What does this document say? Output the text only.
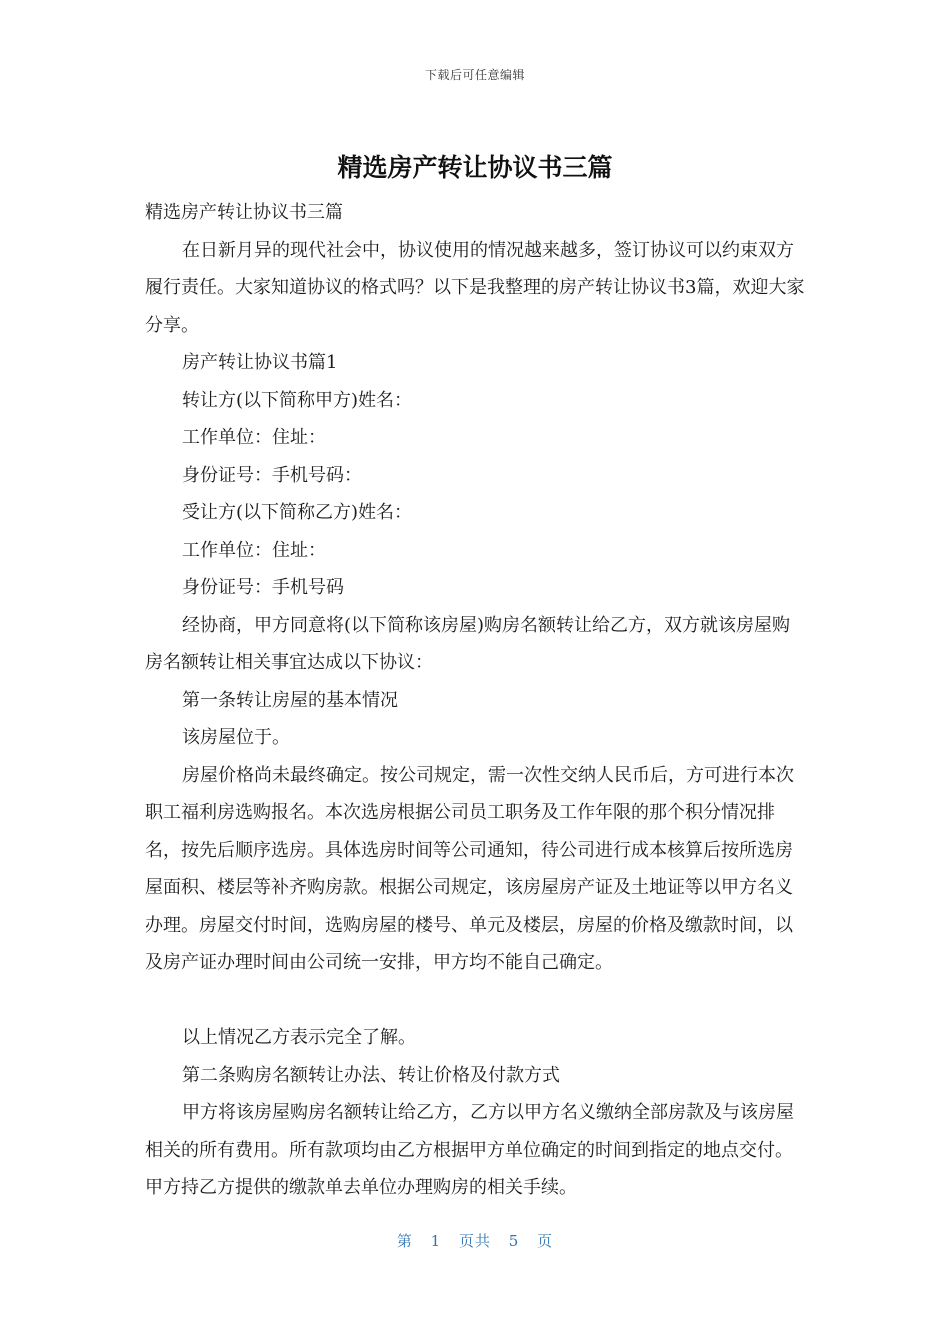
下载后可任意编辑
精选房产转让协议书三篇

精选房产转让协议书三篇

在日新月异的现代社会中，协议使用的情况越来越多，签订协议可以约束双方履行责任。大家知道协议的格式吗？以下是我整理的房产转让协议书3篇，欢迎大家分享。

房产转让协议书篇1

转让方(以下简称甲方)姓名：

工作单位：住址：

身份证号：手机号码：

受让方(以下简称乙方)姓名：

工作单位：住址：

身份证号：手机号码

经协商，甲方同意将(以下简称该房屋)购房名额转让给乙方，双方就该房屋购房名额转让相关事宜达成以下协议：

第一条转让房屋的基本情况

该房屋位于。

房屋价格尚未最终确定。按公司规定，需一次性交纳人民币后，方可进行本次职工福利房选购报名。本次选房根据公司员工职务及工作年限的那个积分情况排名，按先后顺序选房。具体选房时间等公司通知，待公司进行成本核算后按所选房屋面积、楼层等补齐购房款。根据公司规定，该房屋房产证及土地证等以甲方名义办理。房屋交付时间，选购房屋的楼号、单元及楼层，房屋的价格及缴款时间，以及房产证办理时间由公司统一安排，甲方均不能自己确定。

以上情况乙方表示完全了解。

第二条购房名额转让办法、转让价格及付款方式

甲方将该房屋购房名额转让给乙方，乙方以甲方名义缴纳全部房款及与该房屋相关的所有费用。所有款项均由乙方根据甲方单位确定的时间到指定的地点交付。甲方持乙方提供的缴款单去单位办理购房的相关手续。

第 1 页共 5 页
